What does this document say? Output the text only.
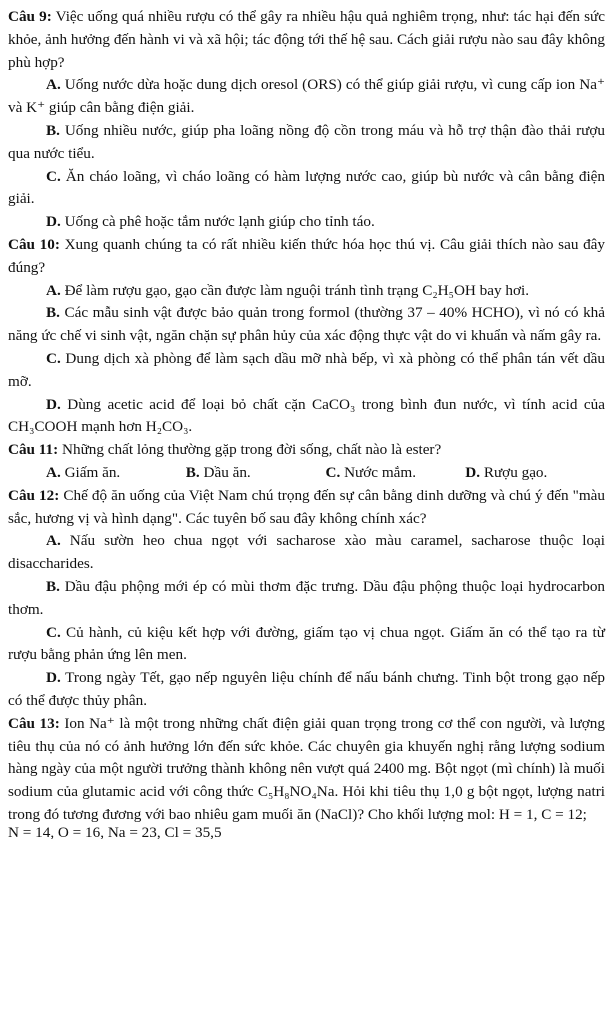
Câu 9: Việc uống quá nhiều rượu có thể gây ra nhiều hậu quả nghiêm trọng, như: tác hại đến sức khỏe, ảnh hưởng đến hành vi và xã hội; tác động tới thế hệ sau. Cách giải rượu nào sau đây không phù hợp?

A. Uống nước dừa hoặc dung dịch oresol (ORS) có thể giúp giải rượu, vì cung cấp ion Na⁺ và K⁺ giúp cân bằng điện giải.

B. Uống nhiều nước, giúp pha loãng nồng độ cồn trong máu và hỗ trợ thận đào thải rượu qua nước tiểu.

C. Ăn cháo loãng, vì cháo loãng có hàm lượng nước cao, giúp bù nước và cân bằng điện giải.

D. Uống cà phê hoặc tắm nước lạnh giúp cho tỉnh táo.

Câu 10: Xung quanh chúng ta có rất nhiều kiến thức hóa học thú vị. Câu giải thích nào sau đây đúng?

A. Để làm rượu gạo, gạo cần được làm nguội tránh tình trạng C₂H₅OH bay hơi.

B. Các mẫu sinh vật được bảo quản trong formol (thường 37 – 40% HCHO), vì nó có khả năng ức chế vi sinh vật, ngăn chặn sự phân hủy của xác động thực vật do vi khuẩn và nấm gây ra.

C. Dung dịch xà phòng để làm sạch dầu mỡ nhà bếp, vì xà phòng có thể phân tán vết dầu mỡ.

D. Dùng acetic acid để loại bỏ chất cặn CaCO₃ trong bình đun nước, vì tính acid của CH₃COOH mạnh hơn H₂CO₃.

Câu 11: Những chất lỏng thường gặp trong đời sống, chất nào là ester?

A. Giấm ăn.	B. Dầu ăn.	C. Nước mắm.	D. Rượu gạo.

Câu 12: Chế độ ăn uống của Việt Nam chú trọng đến sự cân bằng dinh dưỡng và chú ý đến "màu sắc, hương vị và hình dạng". Các tuyên bố sau đây không chính xác?

A. Nấu sườn heo chua ngọt với sacharose xào màu caramel, sacharose thuộc loại disaccharides.

B. Dầu đậu phộng mới ép có mùi thơm đặc trưng. Dầu đậu phộng thuộc loại hydrocarbon thơm.

C. Củ hành, củ kiệu kết hợp với đường, giấm tạo vị chua ngọt. Giấm ăn có thể tạo ra từ rượu bằng phản ứng lên men.

D. Trong ngày Tết, gạo nếp nguyên liệu chính để nấu bánh chưng. Tinh bột trong gạo nếp có thể được thủy phân.

Câu 13: Ion Na⁺ là một trong những chất điện giải quan trọng trong cơ thể con người, và lượng tiêu thụ của nó có ảnh hưởng lớn đến sức khỏe. Các chuyên gia khuyến nghị rằng lượng sodium hàng ngày của một người trưởng thành không nên vượt quá 2400 mg. Bột ngọt (mì chính) là muối sodium của glutamic acid với công thức C₅H₈NO₄Na. Hỏi khi tiêu thụ 1,0 g bột ngọt, lượng natri trong đó tương đương với bao nhiêu gam muối ăn (NaCl)? Cho khối lượng mol: H = 1, C = 12;

N = 14, O = 16, Na = 23, Cl = 35,5
